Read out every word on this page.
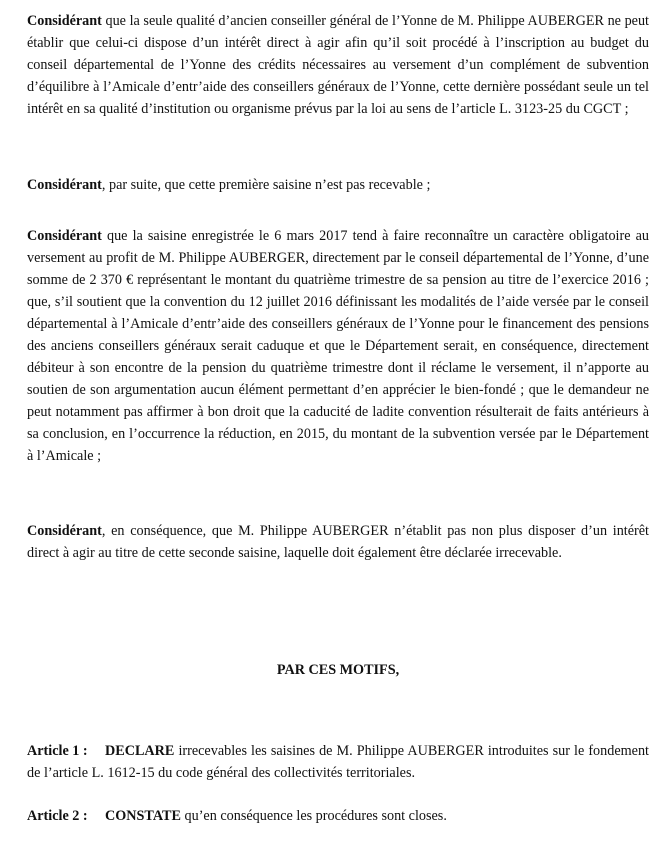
Considérant que la seule qualité d’ancien conseiller général de l’Yonne de M. Philippe AUBERGER ne peut établir que celui-ci dispose d’un intérêt direct à agir afin qu’il soit procédé à l’inscription au budget du conseil départemental de l’Yonne des crédits nécessaires au versement d’un complément de subvention d’équilibre à l’Amicale d’entr’aide des conseillers généraux de l’Yonne, cette dernière possédant seule un tel intérêt en sa qualité d’institution ou organisme prévus par la loi au sens de l’article L. 3123-25 du CGCT ;

Considérant, par suite, que cette première saisine n’est pas recevable ;

Considérant que la saisine enregistrée le 6 mars 2017 tend à faire reconnaître un caractère obligatoire au versement au profit de M. Philippe AUBERGER, directement par le conseil départemental de l’Yonne, d’une somme de 2 370 € représentant le montant du quatrième trimestre de sa pension au titre de l’exercice 2016 ; que, s’il soutient que la convention du 12 juillet 2016 définissant les modalités de l’aide versée par le conseil départemental à l’Amicale d’entr’aide des conseillers généraux de l’Yonne pour le financement des pensions des anciens conseillers généraux serait caduque et que le Département serait, en conséquence, directement débiteur à son encontre de la pension du quatrième trimestre dont il réclame le versement, il n’apporte au soutien de son argumentation aucun élément permettant d’en apprécier le bien-fondé ; que le demandeur ne peut notamment pas affirmer à bon droit que la caducité de ladite convention résulterait de faits antérieurs à sa conclusion, en l’occurrence la réduction, en 2015, du montant de la subvention versée par le Département à l’Amicale ;

Considérant, en conséquence, que M. Philippe AUBERGER n’établit pas non plus disposer d’un intérêt direct à agir au titre de cette seconde saisine, laquelle doit également être déclarée irrecevable.

PAR CES MOTIFS,

Article 1 : DECLARE irrecevables les saisines de M. Philippe AUBERGER introduites sur le fondement de l’article L. 1612-15 du code général des collectivités territoriales.

Article 2 : CONSTATE qu’en conséquence les procédures sont closes.
